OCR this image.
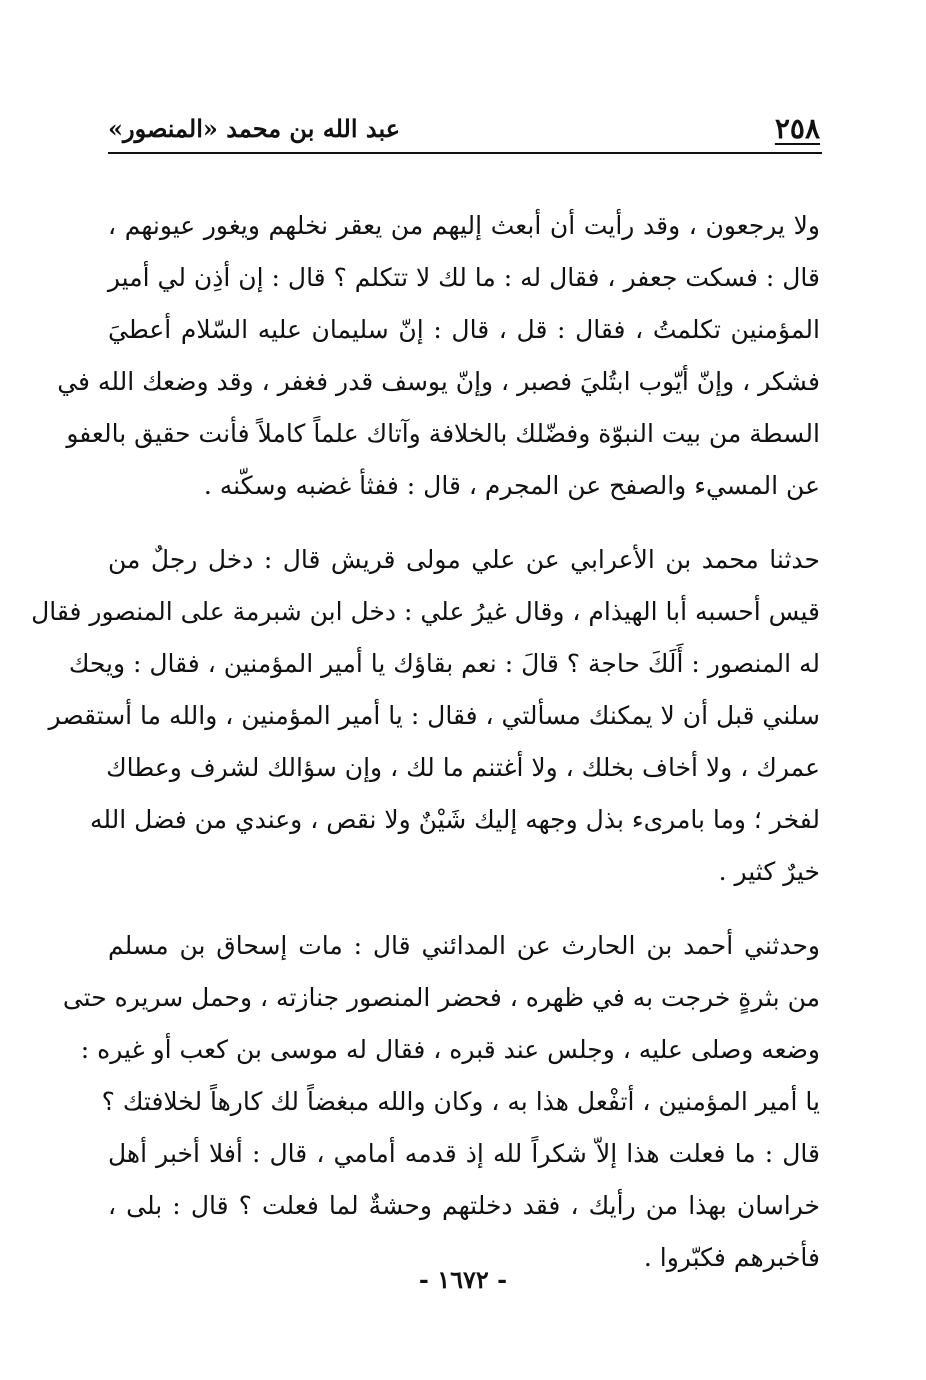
٢٥٨
عبد الله بن محمد «المنصور»

ولا يرجعون ، وقد رأيت أن أبعث إليهم من يعقر نخلهم ويغور عيونهم ،
قال : فسكت جعفر ، فقال له : ما لك لا تتكلم ؟ قال : إن أذِن لي أمير
المؤمنين تكلمتُ ، فقال : قل ، قال : إنّ سليمان عليه السّلام أعطيَ
فشكر ، وإنّ أيّوب ابتُليَ فصبر ، وإنّ يوسف قدر فغفر ، وقد وضعك الله في
السطة من بيت النبوّة وفضّلك بالخلافة وآتاك علماً كاملاً فأنت حقيق بالعفو
عن المسيء والصفح عن المجرم ، قال : ففثأ غضبه وسكّنه .

حدثنا محمد بن الأعرابي عن علي مولى قريش قال : دخل رجلٌ من
قيس أحسبه أبا الهيذام ، وقال غيرُ علي : دخل ابن شبرمة على المنصور فقال
له المنصور : أَلَكَ حاجة ؟ قالَ : نعم بقاؤك يا أمير المؤمنين ، فقال : ويحك
سلني قبل أن لا يمكنك مسألتي ، فقال : يا أمير المؤمنين ، والله ما أستقصر
عمرك ، ولا أخاف بخلك ، ولا أغتنم ما لك ، وإن سؤالك لشرف وعطاك
لفخر ؛ وما بامرىء بذل وجهه إليك شَيْنٌ ولا نقص ، وعندي من فضل الله
خيرٌ كثير .

وحدثني أحمد بن الحارث عن المدائني قال : مات إسحاق بن مسلم
من بثرةٍ خرجت به في ظهره ، فحضر المنصور جنازته ، وحمل سريره حتى
وضعه وصلى عليه ، وجلس عند قبره ، فقال له موسى بن كعب أو غيره :
يا أمير المؤمنين ، أتفْعل هذا به ، وكان والله مبغضاً لك كارهاً لخلافتك ؟
قال : ما فعلت هذا إلاّ شكراً لله إذ قدمه أمامي ، قال : أفلا أخبر أهل
خراسان بهذا من رأيك ، فقد دخلتهم وحشةٌ لما فعلت ؟ قال : بلى ،
فأخبرهم فكبّروا .

- ١٦٧٢ -
